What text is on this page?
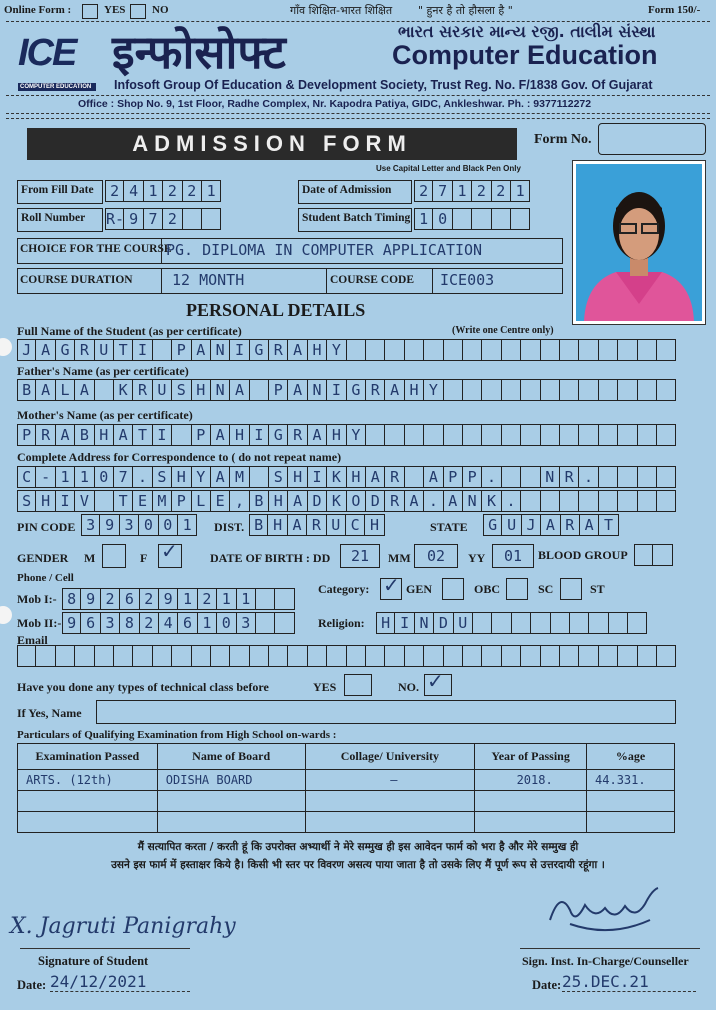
Online Form :	YES NO	गाँव शिक्षित-भारत शिक्षित " हुनर है तो हौसला है "	Form 150/-
ICE
COMPUTER EDUCATION
इन्फोसोफ्ट	ભારત સરકાર માન્ય રજી. તાલીમ સંસ્થા
Computer Education
Infosoft Group Of Education & Development Society, Trust Reg. No. F/1838 Gov. Of Gujarat
Office : Shop No. 9, 1st Floor, Radhe Complex, Nr. Kapodra Patiya, GIDC, Ankleshwar. Ph. : 9377112272
ADMISSION FORM	Form No.
Use Capital Letter and Black Pen Only
From Fill Date	2 4 1 2 2 1	Date of Admission	2 7 1 2 2 1
Roll Number	R- 9 7 2	Student Batch Timing 1 0
CHOICE FOR THE COURSE
PG. DIPLOMA IN COMPUTER APPLICATION
COURSE DURATION	12 MONTH	COURSE CODE ICE003
PERSONAL DETAILS
Full Name of the Student (as per certificate)	(Write one Centre only)
J A G R U T I	P A N I G R A H Y
Father's Name (as per certificate)
B A L A	K R U S H N A	P A N I G R A H Y
Mother's Name (as per certificate)
P R A B H A T I	P A H I G R A H Y
Complete Address for Correspondence to ( do not repeat name)
C - 1 1 0 7 . S H Y A M	S H I K H A R	A P P .	N R .
S H I V	T E M P L E , B H A D K O D R A . A N K .
PIN CODE 3 9 3 0 0 1	DIST. B H A R U C H	STATE	G U J A R A T
GENDER M	F ✓	DATE OF BIRTH : DD	21	MM	02	YY	01	BLOOD GROUP
Phone / Cell
Mob I:- 8 9 2 6 2 9 1 2 1 1
Mob II:- 9 6 3 8 2 4 6 1 0 3
Category: ✓	GEN	OBC	SC	ST
Religion:	H I N D U
Email
Have you done any types of technical class before	YES	NO.
✓
If Yes, Name
Particulars of Qualifying Examination from High School on-wards :
Examination Passed	Name of Board	Collage/ University	Year of Passing	%age
ARTS. (12th)	ODISHA BOARD	–	2018.	44.331.

मैं सत्यापित करता / करती हूं कि उपरोक्त अभ्यार्थी ने मेरे सम्मुख ही इस आवेदन फार्म को भरा है और मेरे सम्मुख ही
उसने इस फार्म में हस्ताक्षर किये है। किसी भी स्तर पर विवरण असत्य पाया जाता है तो उसके लिए मैं पूर्ण रूप से उत्तरदायी रहूंगा ।
X. Jagruti Panigrahy
Signature of Student
Date: 24/12/2021
Sign. Inst. In-Charge/Counseller
Date: 25.DEC.21
